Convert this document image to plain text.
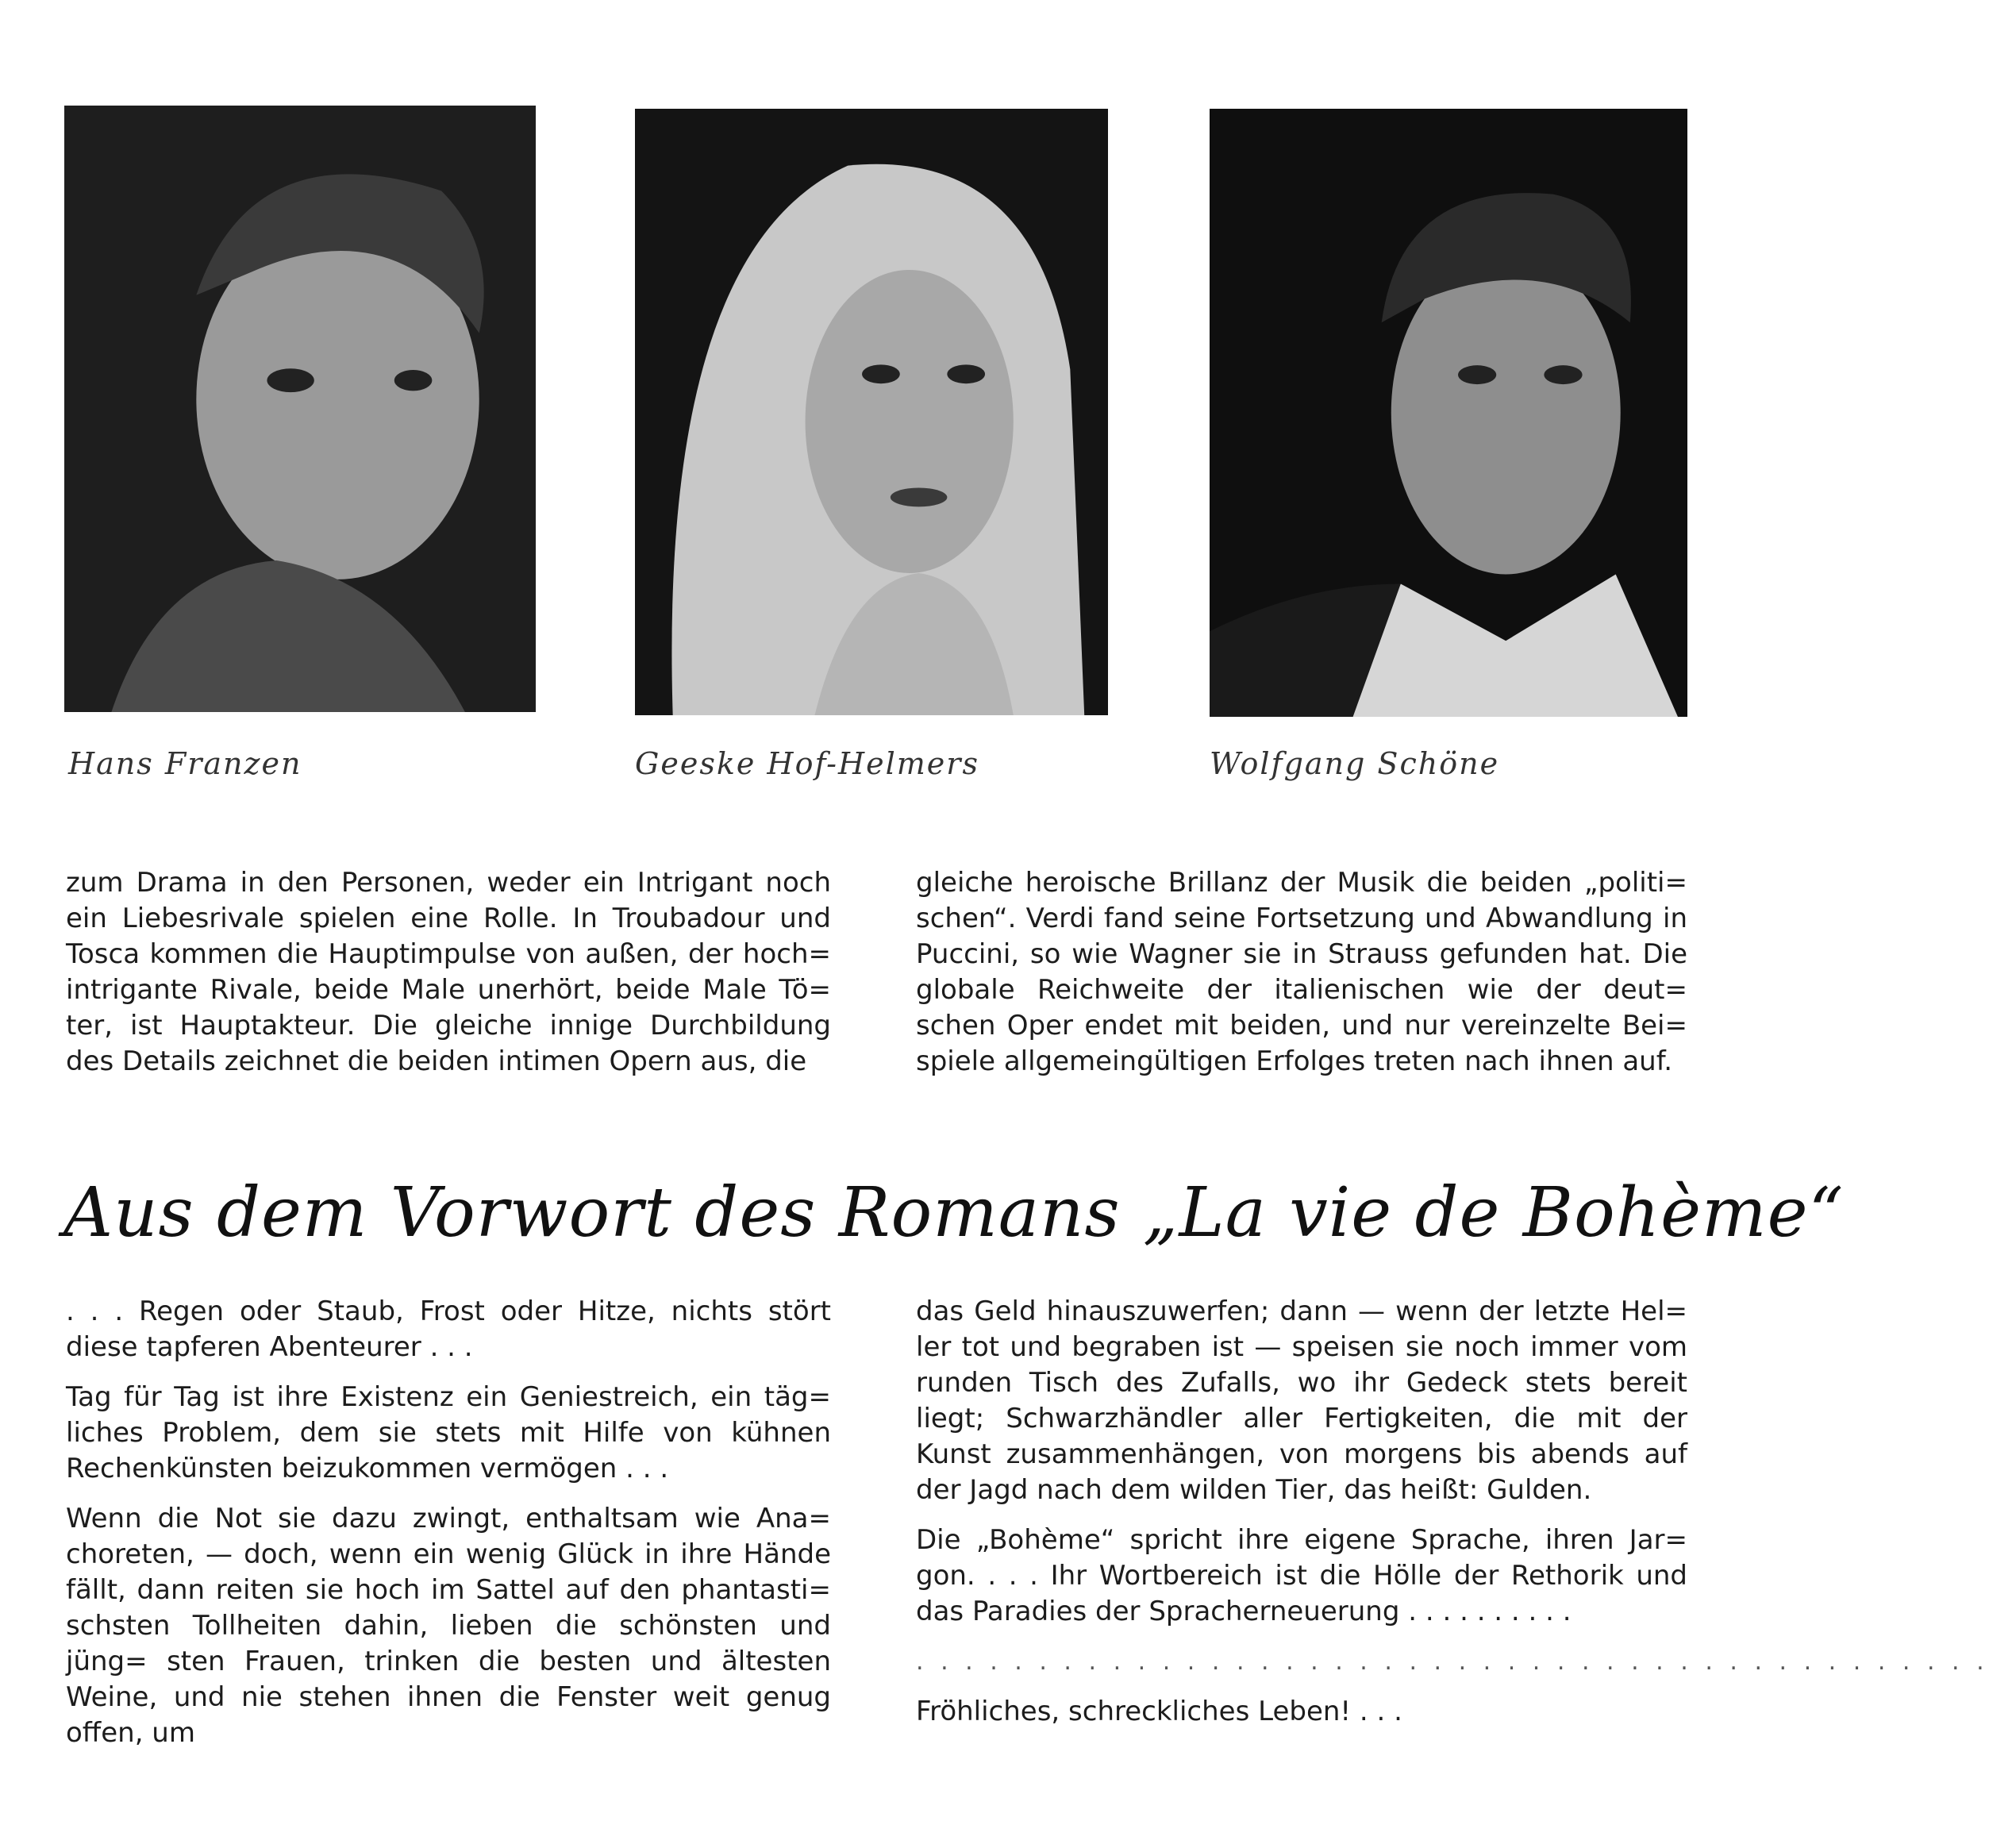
Hans Franzen	Geeske Hof-Helmers	Wolfgang Schöne

zum Drama in den Personen, weder ein Intrigant noch ein Liebesrivale spielen eine Rolle. In Troubadour und Tosca kommen die Hauptimpulse von außen, der hoch= intrigante Rivale, beide Male unerhört, beide Male Tö= ter, ist Hauptakteur. Die gleiche innige Durchbildung des Details zeichnet die beiden intimen Opern aus, die

gleiche heroische Brillanz der Musik die beiden „politi= schen“. Verdi fand seine Fortsetzung und Abwandlung in Puccini, so wie Wagner sie in Strauss gefunden hat. Die globale Reichweite der italienischen wie der deut= schen Oper endet mit beiden, und nur vereinzelte Bei= spiele allgemeingültigen Erfolges treten nach ihnen auf.

Aus dem Vorwort des Romans „La vie de Bohème“

. . . Regen oder Staub, Frost oder Hitze, nichts stört diese tapferen Abenteurer . . .

Tag für Tag ist ihre Existenz ein Geniestreich, ein täg= liches Problem, dem sie stets mit Hilfe von kühnen Rechenkünsten beizukommen vermögen . . .

Wenn die Not sie dazu zwingt, enthaltsam wie Ana= choreten, — doch, wenn ein wenig Glück in ihre Hände fällt, dann reiten sie hoch im Sattel auf den phantasti= schsten Tollheiten dahin, lieben die schönsten und jüng= sten Frauen, trinken die besten und ältesten Weine, und nie stehen ihnen die Fenster weit genug offen, um

das Geld hinauszuwerfen; dann — wenn der letzte Hel= ler tot und begraben ist — speisen sie noch immer vom runden Tisch des Zufalls, wo ihr Gedeck stets bereit liegt; Schwarzhändler aller Fertigkeiten, die mit der Kunst zusammenhängen, von morgens bis abends auf der Jagd nach dem wilden Tier, das heißt: Gulden.

Die „Bohème“ spricht ihre eigene Sprache, ihren Jar= gon. . . . Ihr Wortbereich ist die Hölle der Rethorik und das Paradies der Spracherneuerung . . . . . . . . . .

. . . . . . . . . . . . . . . . . . . . . . . . . . . . . . . . . . . . . . . . . . . .

Fröhliches, schreckliches Leben! . . .
